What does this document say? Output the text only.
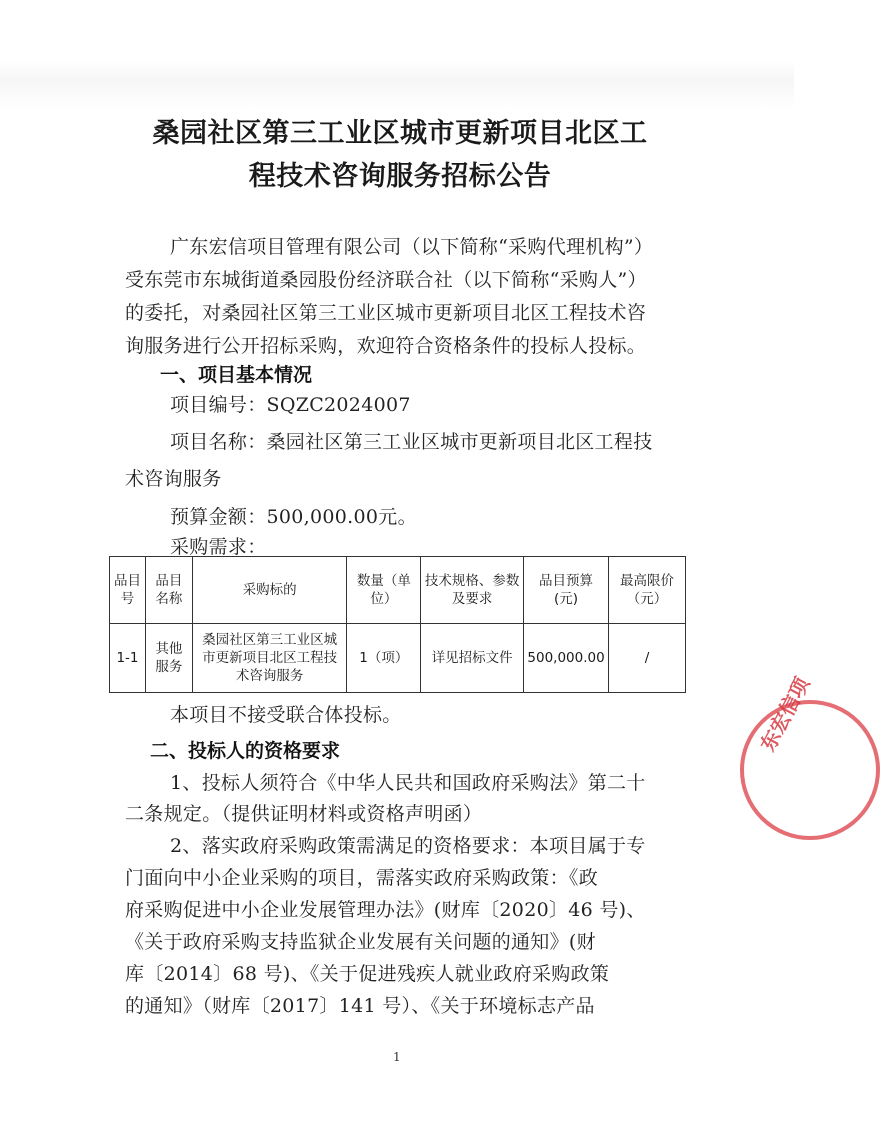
桑园社区第三工业区城市更新项目北区工
程技术咨询服务招标公告
广东宏信项目管理有限公司（以下简称“采购代理机构”）
受东莞市东城街道桑园股份经济联合社（以下简称“采购人”）
的委托，对桑园社区第三工业区城市更新项目北区工程技术咨
询服务进行公开招标采购，欢迎符合资格条件的投标人投标。
一、项目基本情况
项目编号：SQZC2024007
项目名称：桑园社区第三工业区城市更新项目北区工程技
术咨询服务
预算金额：500,000.00元。
采购需求：
品目号	品目名称	采购标的	数量（单位）	技术规格、参数及要求	品目预算(元)	最高限价（元）
1-1	其他服务	桑园社区第三工业区城市更新项目北区工程技术咨询服务	1（项）	详见招标文件	500,000.00	/
本项目不接受联合体投标。
二、投标人的资格要求
1、投标人须符合《中华人民共和国政府采购法》第二十
二条规定。（提供证明材料或资格声明函）
2、落实政府采购政策需满足的资格要求：本项目属于专
门面向中小企业采购的项目，需落实政府采购政策：《政
府采购促进中小企业发展管理办法》(财库〔2020〕46 号)、
《关于政府采购支持监狱企业发展有关问题的通知》(财
库〔2014〕68 号)、《关于促进残疾人就业政府采购政策
的通知》（财库〔2017〕141 号）、《关于环境标志产品
东宏信项
1
